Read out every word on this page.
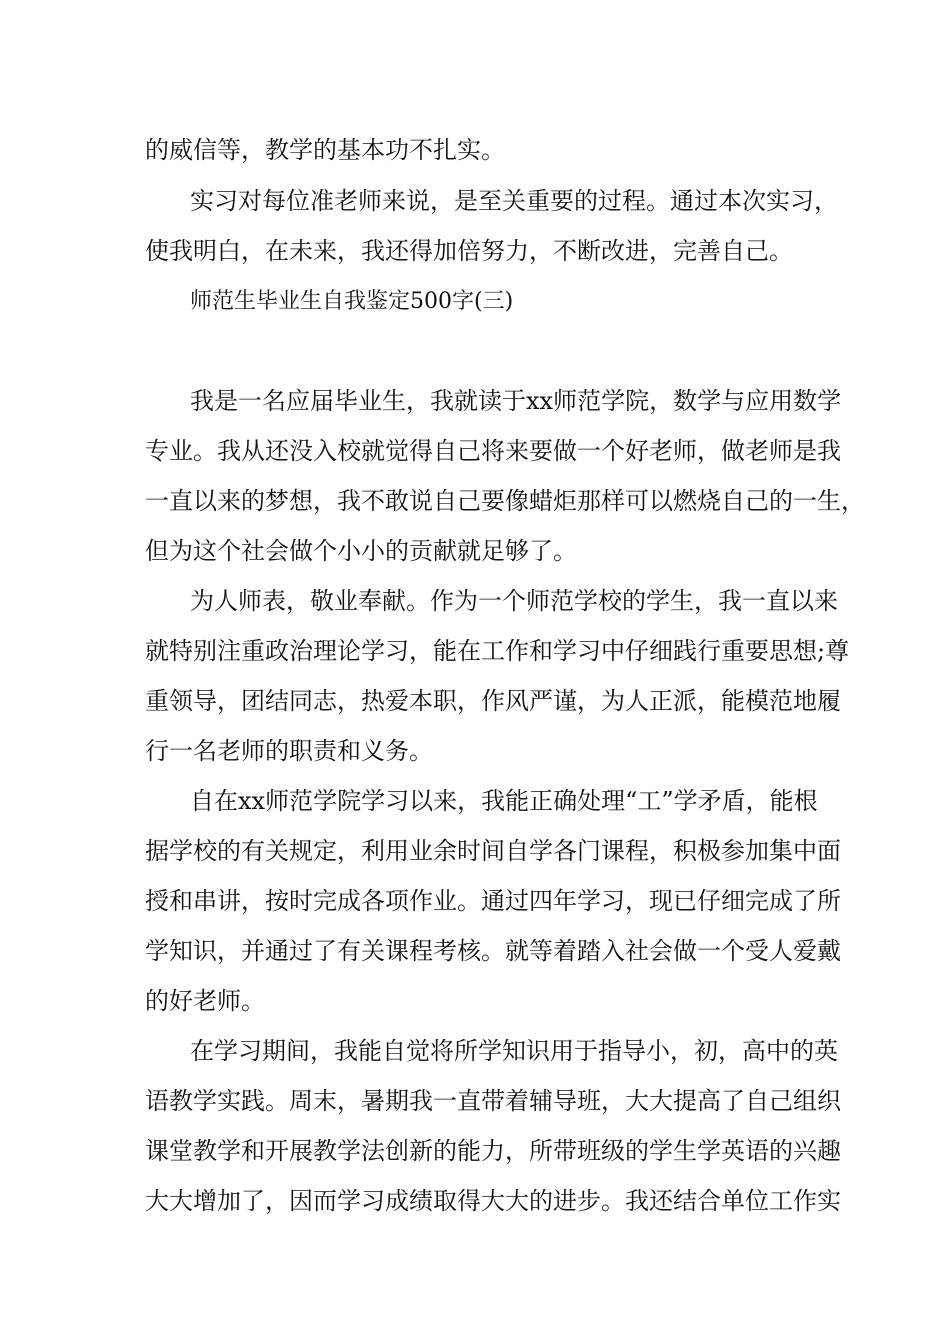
的威信等，教学的基本功不扎实。
实习对每位准老师来说，是至关重要的过程。通过本次实习，
使我明白，在未来，我还得加倍努力，不断改进，完善自己。
师范生毕业生自我鉴定500字(三)
我是一名应届毕业生，我就读于xx师范学院，数学与应用数学
专业。我从还没入校就觉得自己将来要做一个好老师，做老师是我
一直以来的梦想，我不敢说自己要像蜡炬那样可以燃烧自己的一生，
但为这个社会做个小小的贡献就足够了。
为人师表，敬业奉献。作为一个师范学校的学生，我一直以来
就特别注重政治理论学习，能在工作和学习中仔细践行重要思想;尊
重领导，团结同志，热爱本职，作风严谨，为人正派，能模范地履
行一名老师的职责和义务。
自在xx师范学院学习以来，我能正确处理“工”学矛盾，能根
据学校的有关规定，利用业余时间自学各门课程，积极参加集中面
授和串讲，按时完成各项作业。通过四年学习，现已仔细完成了所
学知识，并通过了有关课程考核。就等着踏入社会做一个受人爱戴
的好老师。
在学习期间，我能自觉将所学知识用于指导小，初，高中的英
语教学实践。周末，暑期我一直带着辅导班，大大提高了自己组织
课堂教学和开展教学法创新的能力，所带班级的学生学英语的兴趣
大大增加了，因而学习成绩取得大大的进步。我还结合单位工作实
